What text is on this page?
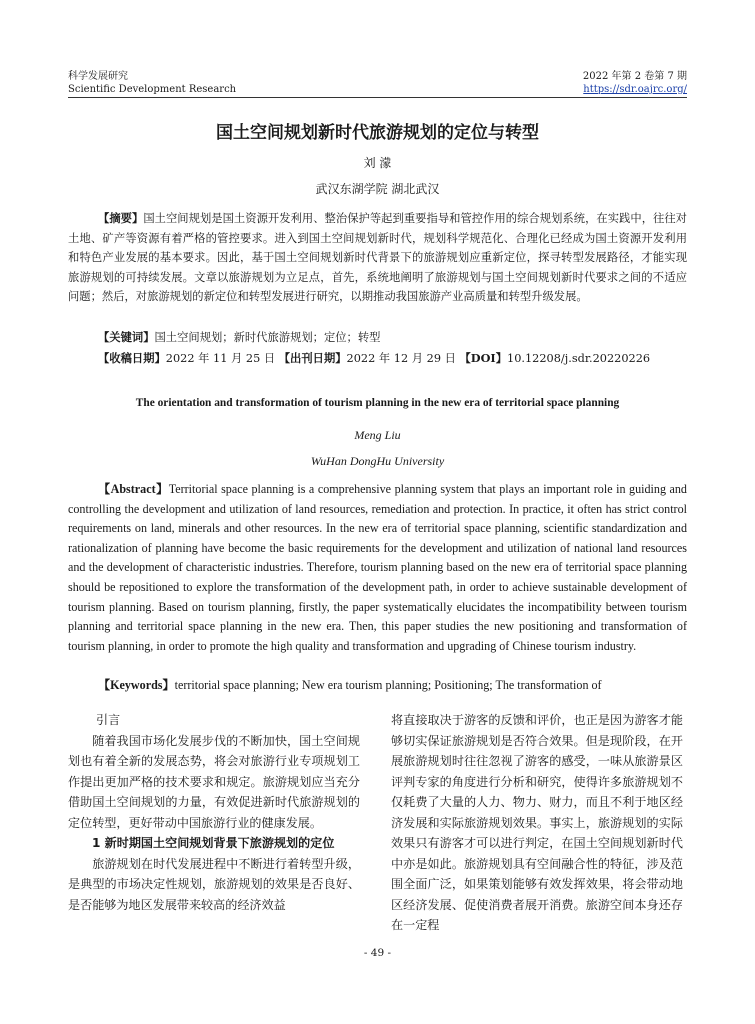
科学发展研究
Scientific Development Research
2022 年第 2 卷第 7 期
https://sdr.oajrc.org/
国土空间规划新时代旅游规划的定位与转型
刘 濛
武汉东湖学院 湖北武汉
【摘要】国土空间规划是国土资源开发利用、整治保护等起到重要指导和管控作用的综合规划系统，在实践中，往往对土地、矿产等资源有着严格的管控要求。进入到国土空间规划新时代，规划科学规范化、合理化已经成为国土资源开发利用和特色产业发展的基本要求。因此，基于国土空间规划新时代背景下的旅游规划应重新定位，探寻转型发展路径，才能实现旅游规划的可持续发展。文章以旅游规划为立足点，首先，系统地阐明了旅游规划与国土空间规划新时代要求之间的不适应问题；然后，对旅游规划的新定位和转型发展进行研究，以期推动我国旅游产业高质量和转型升级发展。
【关键词】国土空间规划；新时代旅游规划；定位；转型
【收稿日期】2022 年 11 月 25 日 【出刊日期】2022 年 12 月 29 日 【DOI】10.12208/j.sdr.20220226
The orientation and transformation of tourism planning in the new era of territorial space planning
Meng Liu
WuHan DongHu University
【Abstract】Territorial space planning is a comprehensive planning system that plays an important role in guiding and controlling the development and utilization of land resources, remediation and protection. In practice, it often has strict control requirements on land, minerals and other resources. In the new era of territorial space planning, scientific standardization and rationalization of planning have become the basic requirements for the development and utilization of national land resources and the development of characteristic industries. Therefore, tourism planning based on the new era of territorial space planning should be repositioned to explore the transformation of the development path, in order to achieve sustainable development of tourism planning. Based on tourism planning, firstly, the paper systematically elucidates the incompatibility between tourism planning and territorial space planning in the new era. Then, this paper studies the new positioning and transformation of tourism planning, in order to promote the high quality and transformation and upgrading of Chinese tourism industry.
【Keywords】territorial space planning; New era tourism planning; Positioning; The transformation of
引言

随着我国市场化发展步伐的不断加快，国土空间规划也有着全新的发展态势，将会对旅游行业专项规划工作提出更加严格的技术要求和规定。旅游规划应当充分借助国土空间规划的力量，有效促进新时代旅游规划的定位转型，更好带动中国旅游行业的健康发展。

1 新时期国土空间规划背景下旅游规划的定位

旅游规划在时代发展进程中不断进行着转型升级，是典型的市场决定性规划，旅游规划的效果是否良好、是否能够为地区发展带来较高的经济效益

将直接取决于游客的反馈和评价，也正是因为游客才能够切实保证旅游规划是否符合效果。但是现阶段，在开展旅游规划时往往忽视了游客的感受，一味从旅游景区评判专家的角度进行分析和研究，使得许多旅游规划不仅耗费了大量的人力、物力、财力，而且不利于地区经济发展和实际旅游规划效果。事实上，旅游规划的实际效果只有游客才可以进行判定，在国土空间规划新时代中亦是如此。旅游规划具有空间融合性的特征，涉及范围全面广泛，如果策划能够有效发挥效果，将会带动地区经济发展、促使消费者展开消费。旅游空间本身还存在一定程

- 49 -
